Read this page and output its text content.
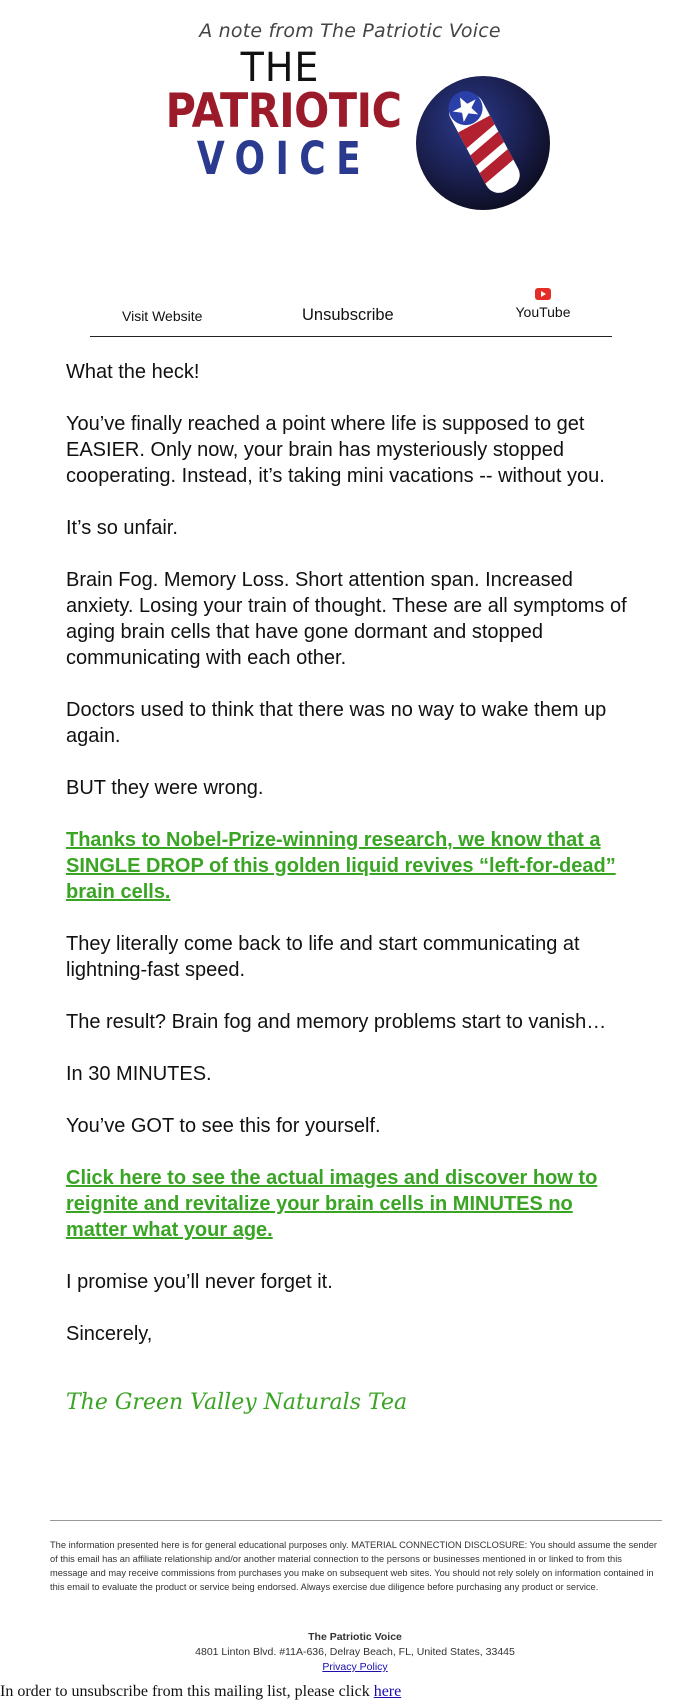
A note from The Patriotic Voice
THE
PATRIOTIC
VOICE
Visit Website	Unsubscribe	YouTube

What the heck!

You’ve finally reached a point where life is supposed to get EASIER. Only now, your brain has mysteriously stopped cooperating. Instead, it’s taking mini vacations -- without you.

It’s so unfair.

Brain Fog. Memory Loss. Short attention span. Increased anxiety. Losing your train of thought. These are all symptoms of aging brain cells that have gone dormant and stopped communicating with each other.

Doctors used to think that there was no way to wake them up again.

BUT they were wrong.

Thanks to Nobel-Prize-winning research, we know that a SINGLE DROP of this golden liquid revives “left-for-dead” brain cells.

They literally come back to life and start communicating at lightning-fast speed.

The result? Brain fog and memory problems start to vanish…

In 30 MINUTES.

You’ve GOT to see this for yourself.

Click here to see the actual images and discover how to reignite and revitalize your brain cells in MINUTES no matter what your age.

I promise you’ll never forget it.

Sincerely,

The Green Valley Naturals Team
The information presented here is for general educational purposes only. MATERIAL CONNECTION DISCLOSURE: You should assume the sender of this email has an affiliate relationship and/or another material connection to the persons or businesses mentioned in or linked to from this message and may receive commissions from purchases you make on subsequent web sites. You should not rely solely on information contained in this email to evaluate the product or service being endorsed. Always exercise due diligence before purchasing any product or service.
The Patriotic Voice
4801 Linton Blvd. #11A-636, Delray Beach, FL, United States, 33445
Privacy Policy
In order to unsubscribe from this mailing list, please click here
